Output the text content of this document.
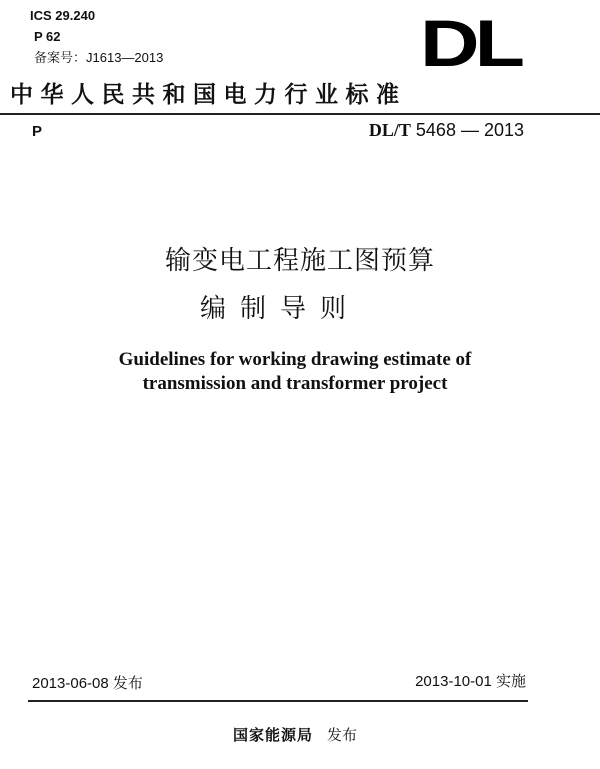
ICS 29.240
P 62
备案号：J1613—2013	DL
中华人民共和国电力行业标准
P	DL/T 5468 — 2013
输变电工程施工图预算
编制导则
Guidelines for working drawing estimate of
transmission and transformer project
2013-06-08 发布	2013-10-01 实施
国家能源局 发布
